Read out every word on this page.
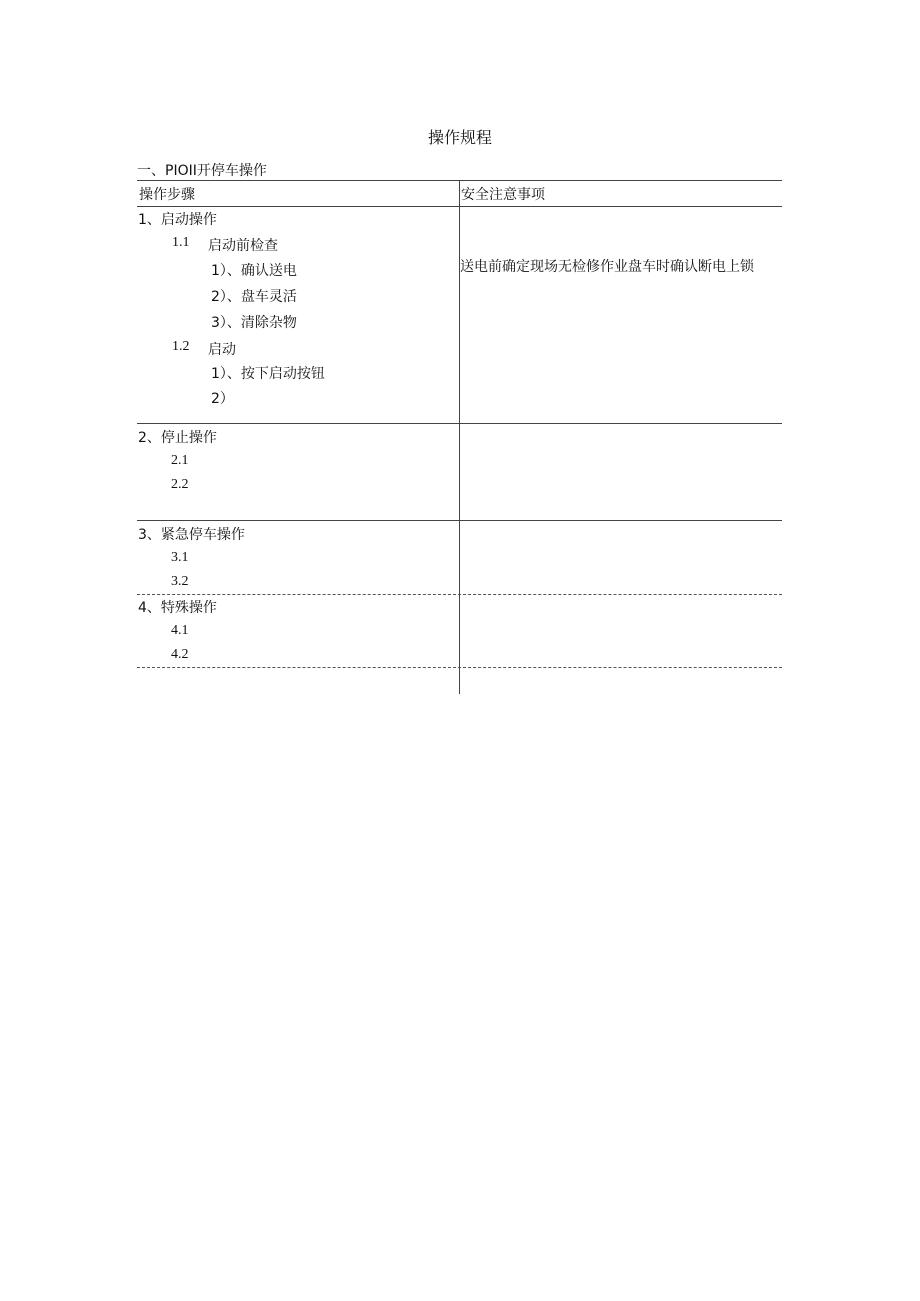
操作规程
一、PIOII开停车操作
操作步骤	安全注意事项
1、启动操作
1.1 启动前检查
1）、确认送电
2）、盘车灵活
3）、清除杂物
1.2 启动
1）、按下启动按钮
2）
送电前确定现场无检修作业盘车时确认断电上锁
2、停止操作
2.1
2.2
3、紧急停车操作
3.1
3.2
4、特殊操作
4.1
4.2
